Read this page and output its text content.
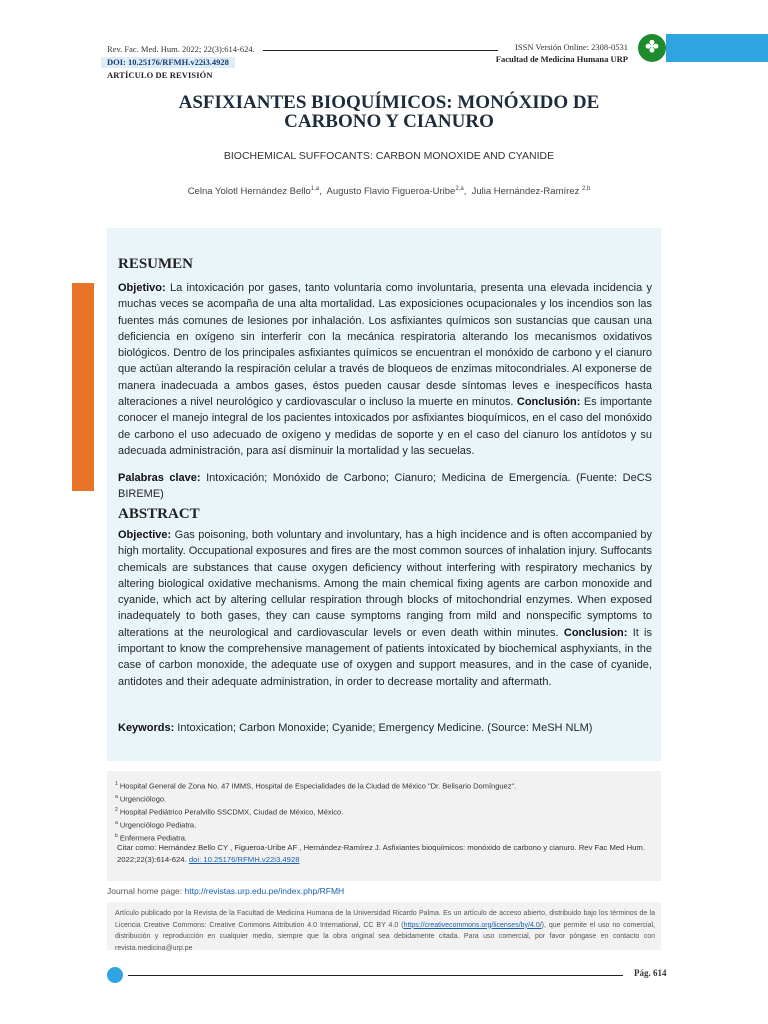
Rev. Fac. Med. Hum. 2022; 22(3):614-624.
DOI: 10.25176/RFMH.v22i3.4928
ARTÍCULO DE REVISIÓN
ISSN Versión Online: 2308-0531
Facultad de Medicina Humana URP
✤
ASFIXIANTES BIOQUÍMICOS: MONÓXIDO DE
CARBONO Y CIANURO
BIOCHEMICAL SUFFOCANTS: CARBON MONOXIDE AND CYANIDE
Celna Yolotl Hernández Bello$^{1,a}$,  Augusto Flavio Figueroa-Uribe$^{2,a}$,  Julia Hernández-Ramírez $^{2,b}$
ARTÍCULO DE REVISIÓN
RESUMEN
Objetivo: La intoxicación por gases, tanto voluntaria como involuntaria, presenta una elevada incidencia y muchas veces se acompaña de una alta mortalidad. Las exposiciones ocupacionales y los incendios son las fuentes más comunes de lesiones por inhalación. Los asfixiantes químicos son sustancias que causan una deficiencia en oxígeno sin interferir con la mecánica respiratoria alterando los mecanismos oxidativos biológicos. Dentro de los principales asfixiantes químicos se encuentran el monóxido de carbono y el cianuro que actúan alterando la respiración celular a través de bloqueos de enzimas mitocondriales. Al exponerse de manera inadecuada a ambos gases, éstos pueden causar desde síntomas leves e inespecíficos hasta alteraciones a nivel neurológico y cardiovascular o incluso la muerte en minutos. Conclusión: Es importante conocer el manejo integral de los pacientes intoxicados por asfixiantes bioquímicos, en el caso del monóxido de carbono el uso adecuado de oxígeno y medidas de soporte y en el caso del cianuro los antídotos y su adecuada administración, para así disminuir la mortalidad y las secuelas.
Palabras clave: Intoxicación; Monóxido de Carbono; Cianuro; Medicina de Emergencia. (Fuente: DeCS BIREME)
ABSTRACT
Objective: Gas poisoning, both voluntary and involuntary, has a high incidence and is often accompanied by high mortality. Occupational exposures and fires are the most common sources of inhalation injury. Suffocants chemicals are substances that cause oxygen deficiency without interfering with respiratory mechanics by altering biological oxidative mechanisms. Among the main chemical fixing agents are carbon monoxide and cyanide, which act by altering cellular respiration through blocks of mitochondrial enzymes. When exposed inadequately to both gases, they can cause symptoms ranging from mild and nonspecific symptoms to alterations at the neurological and cardiovascular levels or even death within minutes. Conclusion: It is important to know the comprehensive management of patients intoxicated by biochemical asphyxiants, in the case of carbon monoxide, the adequate use of oxygen and support measures, and in the case of cyanide, antidotes and their adequate administration, in order to decrease mortality and aftermath.
Keywords: Intoxication; Carbon Monoxide; Cyanide; Emergency Medicine. (Source: MeSH NLM)
$^1$ Hospital General de Zona No. 47 IMMS, Hospital de Especialidades de la Ciudad de México "Dr. Belisario Domínguez".
$^a$ Urgenciólogo.
$^2$ Hospital Pediátrico Peralvillo SSCDMX, Ciudad de México, México.
$^a$ Urgenciólogo Pediatra.
$^b$ Enfermera Pediatra.
Citar como: Hernández Bello CY , Figueroa-Uribe AF , Hernández-Ramírez J. Asfixiantes bioquímicos: monóxido de carbono y cianuro. Rev Fac Med Hum. 2022;22(3):614-624. doi: 10.25176/RFMH.v22i3.4928
Journal home page: http://revistas.urp.edu.pe/index.php/RFMH
Artículo publicado por la Revista de la Facultad de Medicina Humana de la Universidad Ricardo Palma. Es un artículo de acceso abierto, distribuido bajo los términos de la Licencia Creative Commons: Creative Commons Attribution 4.0 International, CC BY 4.0 (https://creativecommons.org/licenses/by/4.0/), que permite el uso no comercial, distribución y reproducción en cualquier medio, siempre que la obra original sea debidamente citada. Para uso comercial, por favor póngase en contacto con revista.medicina@urp.pe
Pág. 614
